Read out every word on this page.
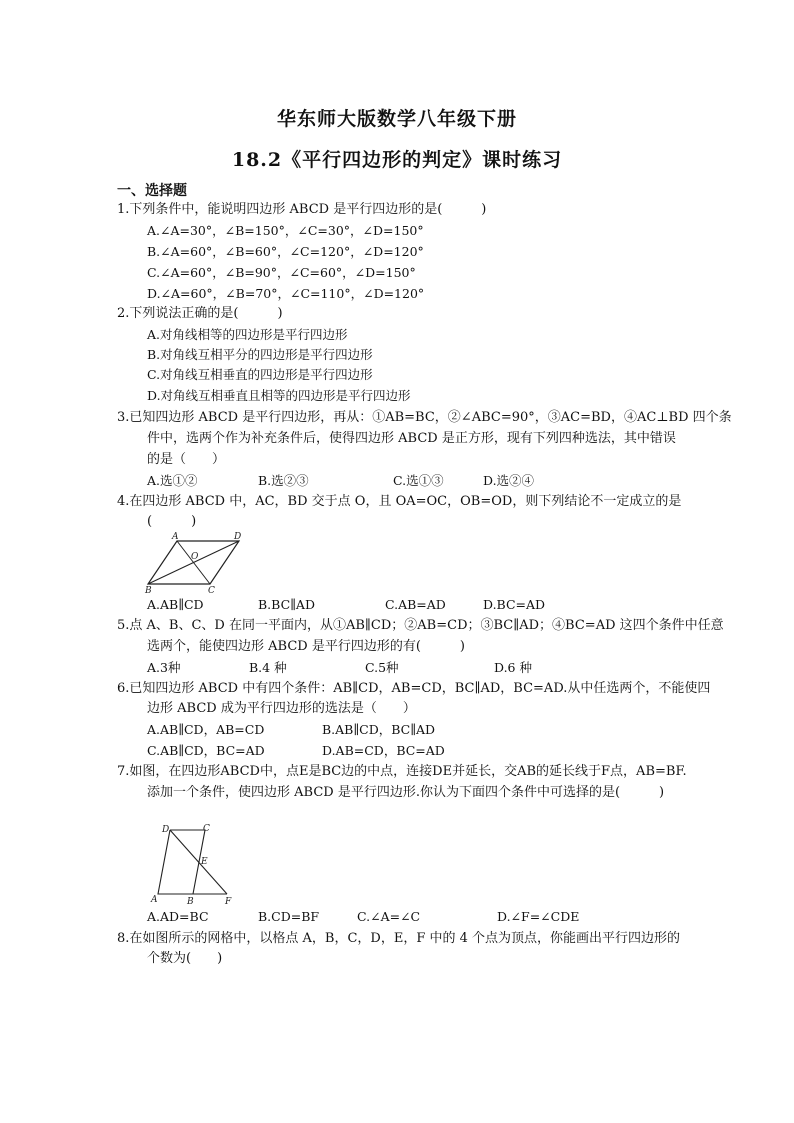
华东师大版数学八年级下册
18.2《平行四边形的判定》课时练习
一、选择题
1.下列条件中，能说明四边形 ABCD 是平行四边形的是(　　　)
A.∠A=30°，∠B=150°，∠C=30°，∠D=150°
B.∠A=60°，∠B=60°，∠C=120°，∠D=120°
C.∠A=60°，∠B=90°，∠C=60°，∠D=150°
D.∠A=60°，∠B=70°，∠C=110°，∠D=120°
2.下列说法正确的是(　　　)
A.对角线相等的四边形是平行四边形
B.对角线互相平分的四边形是平行四边形
C.对角线互相垂直的四边形是平行四边形
D.对角线互相垂直且相等的四边形是平行四边形
3.已知四边形 ABCD 是平行四边形，再从：①AB=BC，②∠ABC=90°，③AC=BD，④AC⊥BD 四个条
件中，选两个作为补充条件后，使得四边形 ABCD 是正方形，现有下列四种选法，其中错误
的是（　　）
A.选①②	B.选②③	C.选①③	D.选②④
4.在四边形 ABCD 中，AC，BD 交于点 O，且 OA=OC，OB=OD，则下列结论不一定成立的是
(　　　)
A	D
O
B	C
A.AB∥CD	B.BC∥AD	C.AB=AD	D.BC=AD
5.点 A、B、C、D 在同一平面内，从①AB∥CD；②AB=CD；③BC∥AD；④BC=AD 这四个条件中任意
选两个，能使四边形 ABCD 是平行四边形的有(　　　)
A.3种	B.4 种	C.5种	D.6 种
6.已知四边形 ABCD 中有四个条件：AB∥CD，AB=CD，BC∥AD，BC=AD.从中任选两个，不能使四
边形 ABCD 成为平行四边形的选法是（　　）
A.AB∥CD，AB=CD	B.AB∥CD，BC∥AD
C.AB∥CD，BC=AD	D.AB=CD，BC=AD
7.如图，在四边形ABCD中，点E是BC边的中点，连接DE并延长，交AB的延长线于F点，AB=BF.
添加一个条件，使四边形 ABCD 是平行四边形.你认为下面四个条件中可选择的是(　　　)
D	C
E
A	B	F
A.AD=BC	B.CD=BF	C.∠A=∠C	D.∠F=∠CDE
8.在如图所示的网格中，以格点 A，B，C，D，E，F 中的 4 个点为顶点，你能画出平行四边形的
个数为(　　)
